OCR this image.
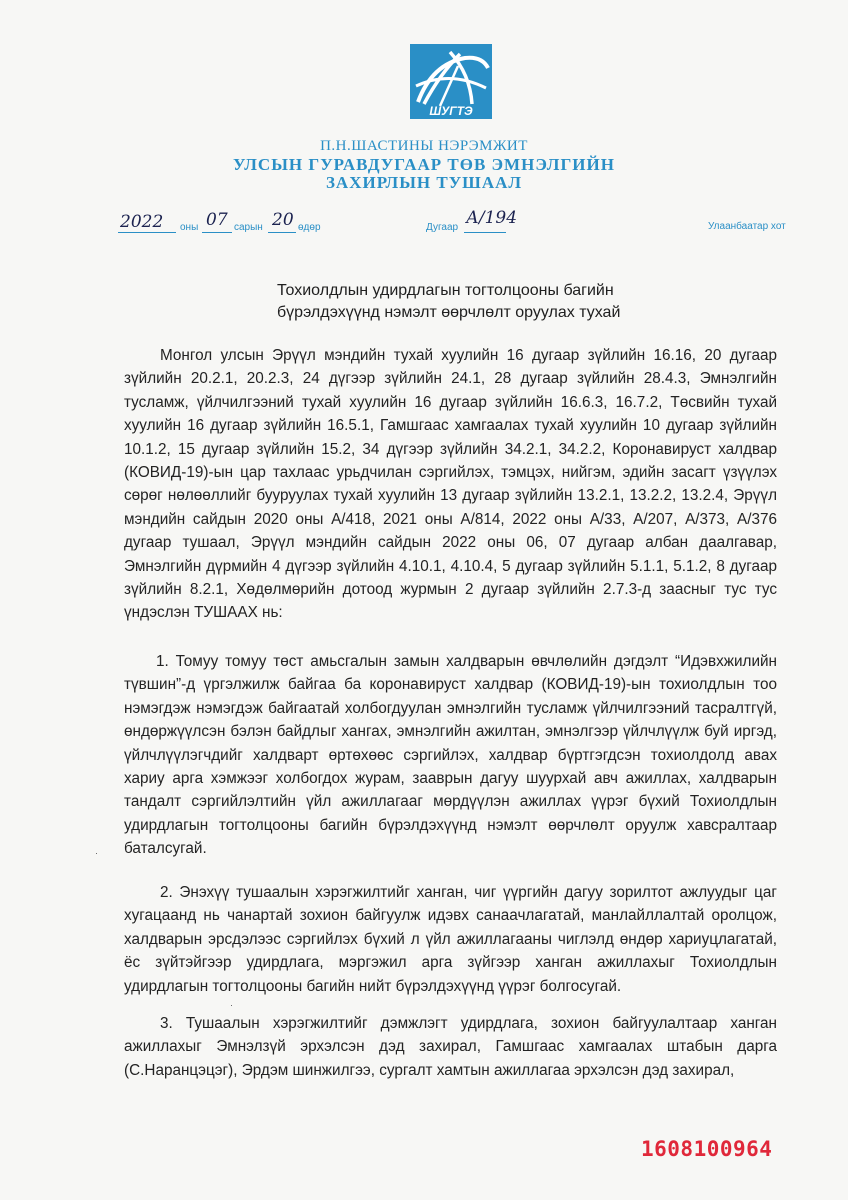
ШУГТЭ
П.Н.ШАСТИНЫ НЭРЭМЖИТ
УЛСЫН ГУРАВДУГААР ТӨВ ЭМНЭЛГИЙН
ЗАХИРЛЫН ТУШААЛ
2022 оны 07 сарын 20 өдөр	Дугаар А/194	Улаанбаатар хот
Тохиолдлын удирдлагын тогтолцооны багийн
бүрэлдэхүүнд нэмэлт өөрчлөлт оруулах тухай
Монгол улсын Эрүүл мэндийн тухай хуулийн 16 дугаар зүйлийн 16.16, 20 дугаар зүйлийн 20.2.1, 20.2.3, 24 дүгээр зүйлийн 24.1, 28 дугаар зүйлийн 28.4.3, Эмнэлгийн тусламж, үйлчилгээний тухай хуулийн 16 дугаар зүйлийн 16.6.3, 16.7.2, Төсвийн тухай хуулийн 16 дугаар зүйлийн 16.5.1, Гамшгаас хамгаалах тухай хуулийн 10 дугаар зүйлийн 10.1.2, 15 дугаар зүйлийн 15.2, 34 дүгээр зүйлийн 34.2.1, 34.2.2, Коронавируст халдвар (КОВИД-19)-ын цар тахлаас урьдчилан сэргийлэх, тэмцэх, нийгэм, эдийн засагт үзүүлэх сөрөг нөлөөллийг бууруулах тухай хуулийн 13 дугаар зүйлийн 13.2.1, 13.2.2, 13.2.4, Эрүүл мэндийн сайдын 2020 оны А/418, 2021 оны А/814, 2022 оны А/33, А/207, А/373, А/376 дугаар тушаал, Эрүүл мэндийн сайдын 2022 оны 06, 07 дугаар албан даалгавар, Эмнэлгийн дүрмийн 4 дүгээр зүйлийн 4.10.1, 4.10.4, 5 дугаар зүйлийн 5.1.1, 5.1.2, 8 дугаар зүйлийн 8.2.1, Хөдөлмөрийн дотоод журмын 2 дугаар зүйлийн 2.7.3-д заасныг тус тус үндэслэн ТУШААХ нь:
1. Томуу томуу төст амьсгалын замын халдварын өвчлөлийн дэгдэлт “Идэвхжилийн түвшин”-д үргэлжилж байгаа ба коронавируст халдвар (КОВИД-19)-ын тохиолдлын тоо нэмэгдэж нэмэгдэж байгаатай холбогдуулан эмнэлгийн тусламж үйлчилгээний тасралтгүй, өндөржүүлсэн бэлэн байдлыг хангах, эмнэлгийн ажилтан, эмнэлгээр үйлчлүүлж буй иргэд, үйлчлүүлэгчдийг халдварт өртөхөөс сэргийлэх, халдвар бүртгэгдсэн тохиолдолд авах хариу арга хэмжээг холбогдох журам, зааврын дагуу шуурхай авч ажиллах, халдварын тандалт сэргийлэлтийн үйл ажиллагааг мөрдүүлэн ажиллах үүрэг бүхий Тохиолдлын удирдлагын тогтолцооны багийн бүрэлдэхүүнд нэмэлт өөрчлөлт оруулж хавсралтаар баталсугай.
2. Энэхүү тушаалын хэрэгжилтийг ханган, чиг үүргийн дагуу зорилтот ажлуудыг цаг хугацаанд нь чанартай зохион байгуулж идэвх санаачлагатай, манлайллалтай оролцож, халдварын эрсдэлээс сэргийлэх бүхий л үйл ажиллагааны чиглэлд өндөр хариуцлагатай, ёс зүйтэйгээр удирдлага, мэргэжил арга зүйгээр ханган ажиллахыг Тохиолдлын удирдлагын тогтолцооны багийн нийт бүрэлдэхүүнд үүрэг болгосугай.
3. Тушаалын хэрэгжилтийг дэмжлэгт удирдлага, зохион байгуулалтаар ханган ажиллахыг Эмнэлзүй эрхэлсэн дэд захирал, Гамшгаас хамгаалах штабын дарга (С.Наранцэцэг), Эрдэм шинжилгээ, сургалт хамтын ажиллагаа эрхэлсэн дэд захирал,
·
·
1608100964
